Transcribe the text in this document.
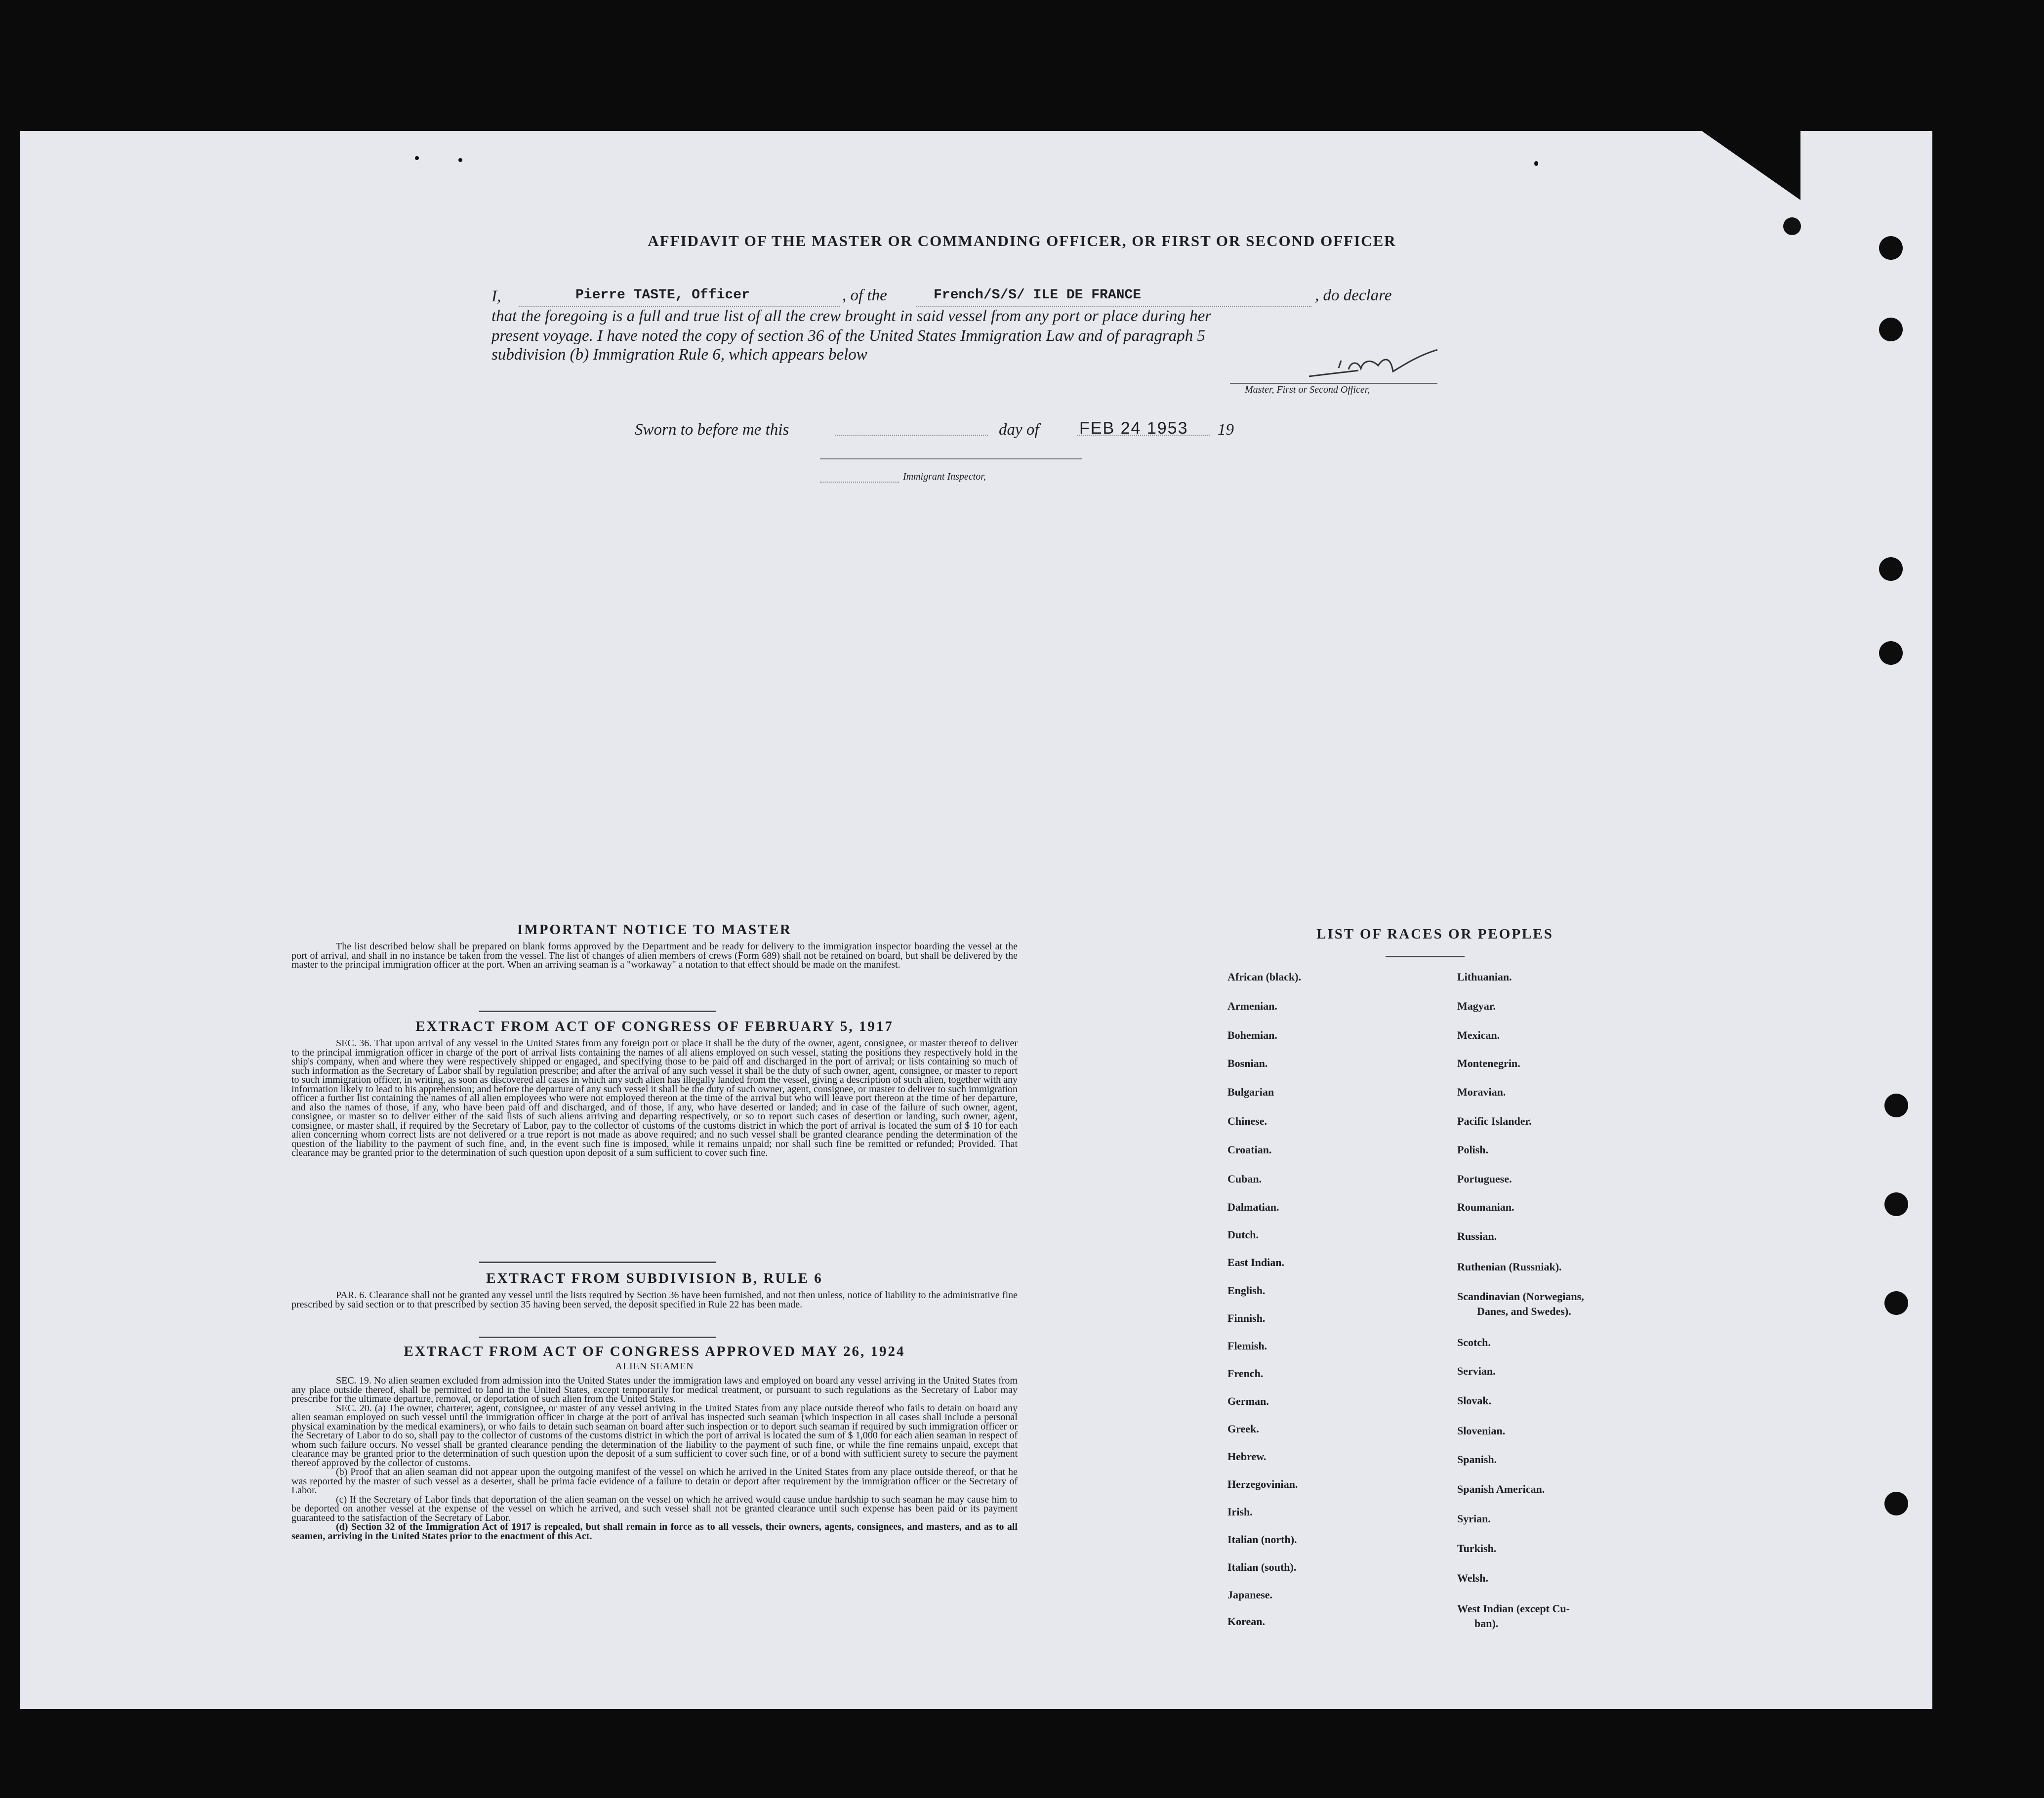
AFFIDAVIT OF THE MASTER OR COMMANDING OFFICER, OR FIRST OR SECOND OFFICER
I,	Pierre TASTE, Officer	, of the	French/S/S/ ILE DE FRANCE	, do declare
that the foregoing is a full and true list of all the crew brought in said vessel from any port or place during her
present voyage. I have noted the copy of section 36 of the United States Immigration Law and of paragraph 5
subdivision (b) Immigration Rule 6, which appears below
Master, First or Second Officer,
Sworn to before me this	day of FEB 24 1953 19
Immigrant Inspector,

IMPORTANT NOTICE TO MASTER

The list described below shall be prepared on blank forms approved by the Department and be ready for delivery to the immigration inspector boarding the vessel at the port of arrival, and shall in no instance be taken from the vessel. The list of changes of alien members of crews (Form 689) shall not be retained on board, but shall be delivered by the master to the principal immigration officer at the port. When an arriving seaman is a "workaway" a notation to that effect should be made on the manifest.

EXTRACT FROM ACT OF CONGRESS OF FEBRUARY 5, 1917

SEC. 36. That upon arrival of any vessel in the United States from any foreign port or place it shall be the duty of the owner, agent, consignee, or master thereof to deliver to the principal immigration officer in charge of the port of arrival lists containing the names of all aliens employed on such vessel, stating the positions they respectively hold in the ship's company, when and where they were respectively shipped or engaged, and specifying those to be paid off and discharged in the port of arrival; or lists containing so much of such information as the Secretary of Labor shall by regulation prescribe; and after the arrival of any such vessel it shall be the duty of such owner, agent, consignee, or master to report to such immigration officer, in writing, as soon as discovered all cases in which any such alien has illegally landed from the vessel, giving a description of such alien, together with any information likely to lead to his apprehension; and before the departure of any such vessel it shall be the duty of such owner, agent, consignee, or master to deliver to such immigration officer a further list containing the names of all alien employees who were not employed thereon at the time of the arrival but who will leave port thereon at the time of her departure, and also the names of those, if any, who have been paid off and discharged, and of those, if any, who have deserted or landed; and in case of the failure of such owner, agent, consignee, or master so to deliver either of the said lists of such aliens arriving and departing respectively, or so to report such cases of desertion or landing, such owner, agent, consignee, or master shall, if required by the Secretary of Labor, pay to the collector of customs of the customs district in which the port of arrival is located the sum of $ 10 for each alien concerning whom correct lists are not delivered or a true report is not made as above required; and no such vessel shall be granted clearance pending the determination of the question of the liability to the payment of such fine, and, in the event such fine is imposed, while it remains unpaid; nor shall such fine be remitted or refunded; Provided. That clearance may be granted prior to the determination of such question upon deposit of a sum sufficient to cover such fine.

EXTRACT FROM SUBDIVISION B, RULE 6

PAR. 6. Clearance shall not be granted any vessel until the lists required by Section 36 have been furnished, and not then unless, notice of liability to the administrative fine prescribed by said section or to that prescribed by section 35 having been served, the deposit specified in Rule 22 has been made.

EXTRACT FROM ACT OF CONGRESS APPROVED MAY 26, 1924

ALIEN SEAMEN

SEC. 19. No alien seamen excluded from admission into the United States under the immigration laws and employed on board any vessel arriving in the United States from any place outside thereof, shall be permitted to land in the United States, except temporarily for medical treatment, or pursuant to such regulations as the Secretary of Labor may prescribe for the ultimate departure, removal, or deportation of such alien from the United States.

SEC. 20. (a) The owner, charterer, agent, consignee, or master of any vessel arriving in the United States from any place outside thereof who fails to detain on board any alien seaman employed on such vessel until the immigration officer in charge at the port of arrival has inspected such seaman (which inspection in all cases shall include a personal physical examination by the medical examiners), or who fails to detain such seaman on board after such inspection or to deport such seaman if required by such immigration officer or the Secretary of Labor to do so, shall pay to the collector of customs of the customs district in which the port of arrival is located the sum of $ 1,000 for each alien seaman in respect of whom such failure occurs. No vessel shall be granted clearance pending the determination of the liability to the payment of such fine, or while the fine remains unpaid, except that clearance may be granted prior to the determination of such question upon the deposit of a sum sufficient to cover such fine, or of a bond with sufficient surety to secure the payment thereof approved by the collector of customs.

(b) Proof that an alien seaman did not appear upon the outgoing manifest of the vessel on which he arrived in the United States from any place outside thereof, or that he was reported by the master of such vessel as a deserter, shall be prima facie evidence of a failure to detain or deport after requirement by the immigration officer or the Secretary of Labor.

(c) If the Secretary of Labor finds that deportation of the alien seaman on the vessel on which he arrived would cause undue hardship to such seaman he may cause him to be deported on another vessel at the expense of the vessel on which he arrived, and such vessel shall not be granted clearance until such expense has been paid or its payment guaranteed to the satisfaction of the Secretary of Labor.

(d) Section 32 of the Immigration Act of 1917 is repealed, but shall remain in force as to all vessels, their owners, agents, consignees, and masters, and as to all seamen, arriving in the United States prior to the enactment of this Act.

LIST OF RACES OR PEOPLES
African (black).
Armenian.
Bohemian.
Bosnian.
Bulgarian
Chinese.
Croatian.
Cuban.
Dalmatian.
Dutch.
East Indian.
English.
Finnish.
Flemish.
French.
German.
Greek.
Hebrew.
Herzegovinian.
Irish.
Italian (north).
Italian (south).
Japanese.
Korean.
Lithuanian.
Magyar.
Mexican.
Montenegrin.
Moravian.
Pacific Islander.
Polish.
Portuguese.
Roumanian.
Russian.
Ruthenian (Russniak).
Scandinavian (Norwegians,
Danes, and Swedes).
Scotch.
Servian.
Slovak.
Slovenian.
Spanish.
Spanish American.
Syrian.
Turkish.
Welsh.
West Indian (except Cu-
ban).
